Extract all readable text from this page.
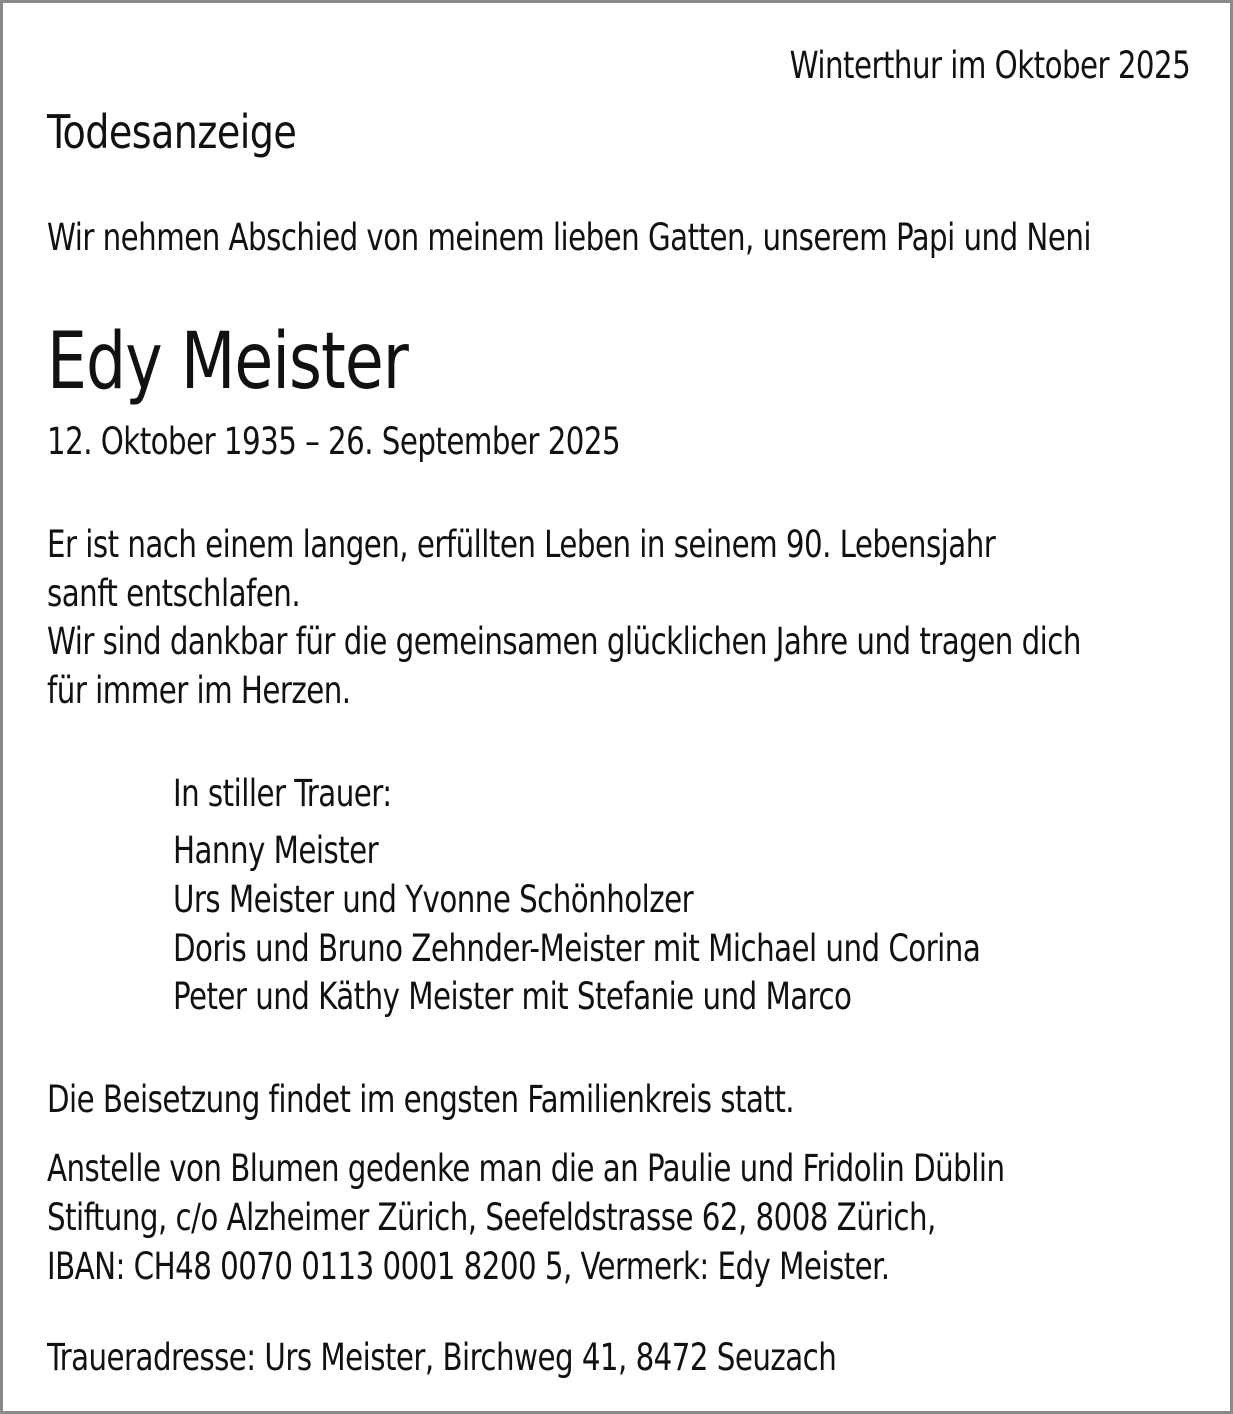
Winterthur im Oktober 2025
Todesanzeige
Wir nehmen Abschied von meinem lieben Gatten, unserem Papi und Neni
Edy Meister
12. Oktober 1935 – 26. September 2025
Er ist nach einem langen, erfüllten Leben in seinem 90. Lebensjahr
sanft entschlafen.
Wir sind dankbar für die gemeinsamen glücklichen Jahre und tragen dich
für immer im Herzen.
In stiller Trauer:
Hanny Meister
Urs Meister und Yvonne Schönholzer
Doris und Bruno Zehnder-Meister mit Michael und Corina
Peter und Käthy Meister mit Stefanie und Marco
Die Beisetzung findet im engsten Familienkreis statt.
Anstelle von Blumen gedenke man die an Paulie und Fridolin Düblin
Stiftung, c/o Alzheimer Zürich, Seefeldstrasse 62, 8008 Zürich,
IBAN: CH48 0070 0113 0001 8200 5, Vermerk: Edy Meister.
Traueradresse: Urs Meister, Birchweg 41, 8472 Seuzach
